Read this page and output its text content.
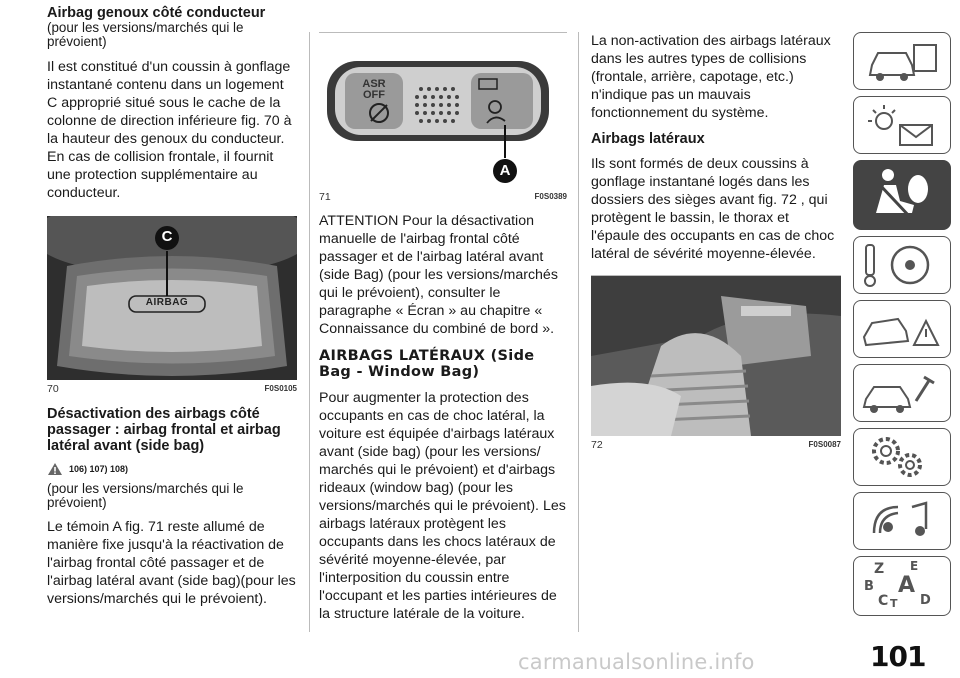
Airbag genoux côté conducteur
(pour les versions/marchés qui le prévoient)

Il est constitué d'un coussin à gonflage instantané contenu dans un logement C approprié situé sous le cache de la colonne de direction inférieure fig. 70 à la hauteur des genoux du conducteur. En cas de collision frontale, il fournit une protection supplémentaire au conducteur.

C
AIRBAG
70	F0S0105
Désactivation des airbags côté passager : airbag frontal et airbag latéral avant (side bag)
106) 107) 108)
(pour les versions/marchés qui le prévoient)

Le témoin A fig. 71 reste allumé de manière fixe jusqu'à la réactivation de l'airbag frontal côté passager et de l'airbag latéral avant (side bag)(pour les versions/marchés qui le prévoient).

ASR
OFF
A
71	F0S0389

ATTENTION Pour la désactivation manuelle de l'airbag frontal côté passager et de l'airbag latéral avant (side Bag) (pour les versions/marchés qui le prévoient), consulter le paragraphe « Écran » au chapitre « Connaissance du combiné de bord ».

AIRBAGS LATÉRAUX (Side Bag - Window Bag)

Pour augmenter la protection des occupants en cas de choc latéral, la voiture est équipée d'airbags latéraux avant (side bag) (pour les versions/ marchés qui le prévoient) et d'airbags rideaux (window bag) (pour les versions/marchés qui le prévoient). Les airbags latéraux protègent les occupants dans les chocs latéraux de sévérité moyenne-élevée, par l'interposition du coussin entre l'occupant et les parties intérieures de la structure latérale de la voiture.

La non-activation des airbags latéraux dans les autres types de collisions (frontale, arrière, capotage, etc.) n'indique pas un mauvais fonctionnement du système.

Airbags latéraux

Ils sont formés de deux coussins à gonflage instantané logés dans les dossiers des sièges avant fig. 72 , qui protègent le bassin, le thorax et l'épaule des occupants en cas de choc latéral de sévérité moyenne-élevée.

72	F0S0087
Z E
B A
C T D
carmanualsonline.info	101
